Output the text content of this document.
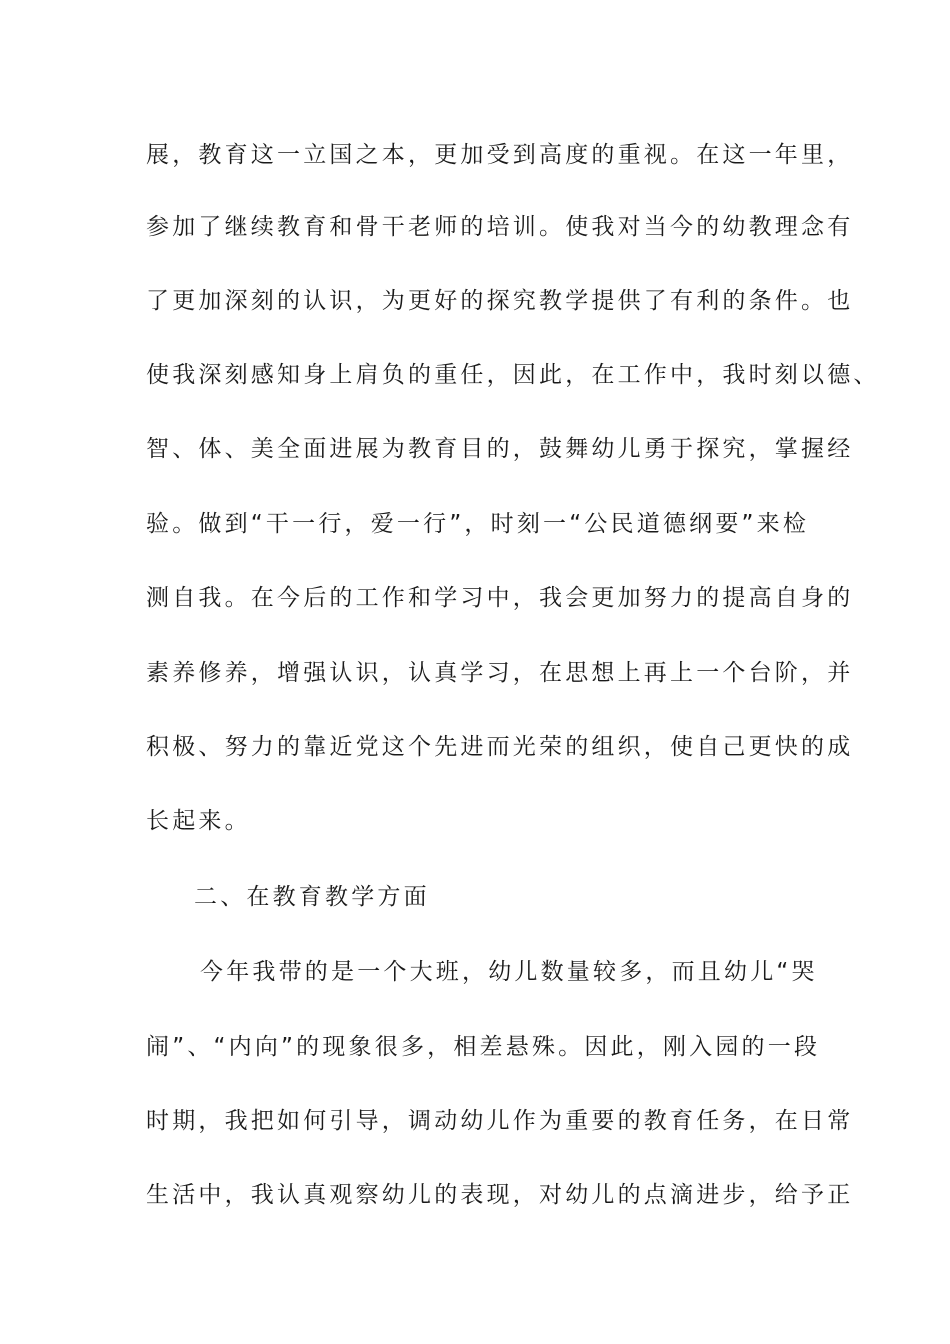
展，教育这一立国之本，更加受到高度的重视。在这一年里，
参加了继续教育和骨干老师的培训。使我对当今的幼教理念有
了更加深刻的认识，为更好的探究教学提供了有利的条件。也
使我深刻感知身上肩负的重任，因此，在工作中，我时刻以德、
智、体、美全面进展为教育目的，鼓舞幼儿勇于探究，掌握经
验。做到“干一行，爱一行”，时刻一“公民道德纲要”来检
测自我。在今后的工作和学习中，我会更加努力的提高自身的
素养修养，增强认识，认真学习，在思想上再上一个台阶，并
积极、努力的靠近党这个先进而光荣的组织，使自己更快的成
长起来。
二、在教育教学方面
今年我带的是一个大班，幼儿数量较多，而且幼儿“哭
闹”、“内向”的现象很多，相差悬殊。因此，刚入园的一段
时期，我把如何引导，调动幼儿作为重要的教育任务，在日常
生活中，我认真观察幼儿的表现，对幼儿的点滴进步，给予正
